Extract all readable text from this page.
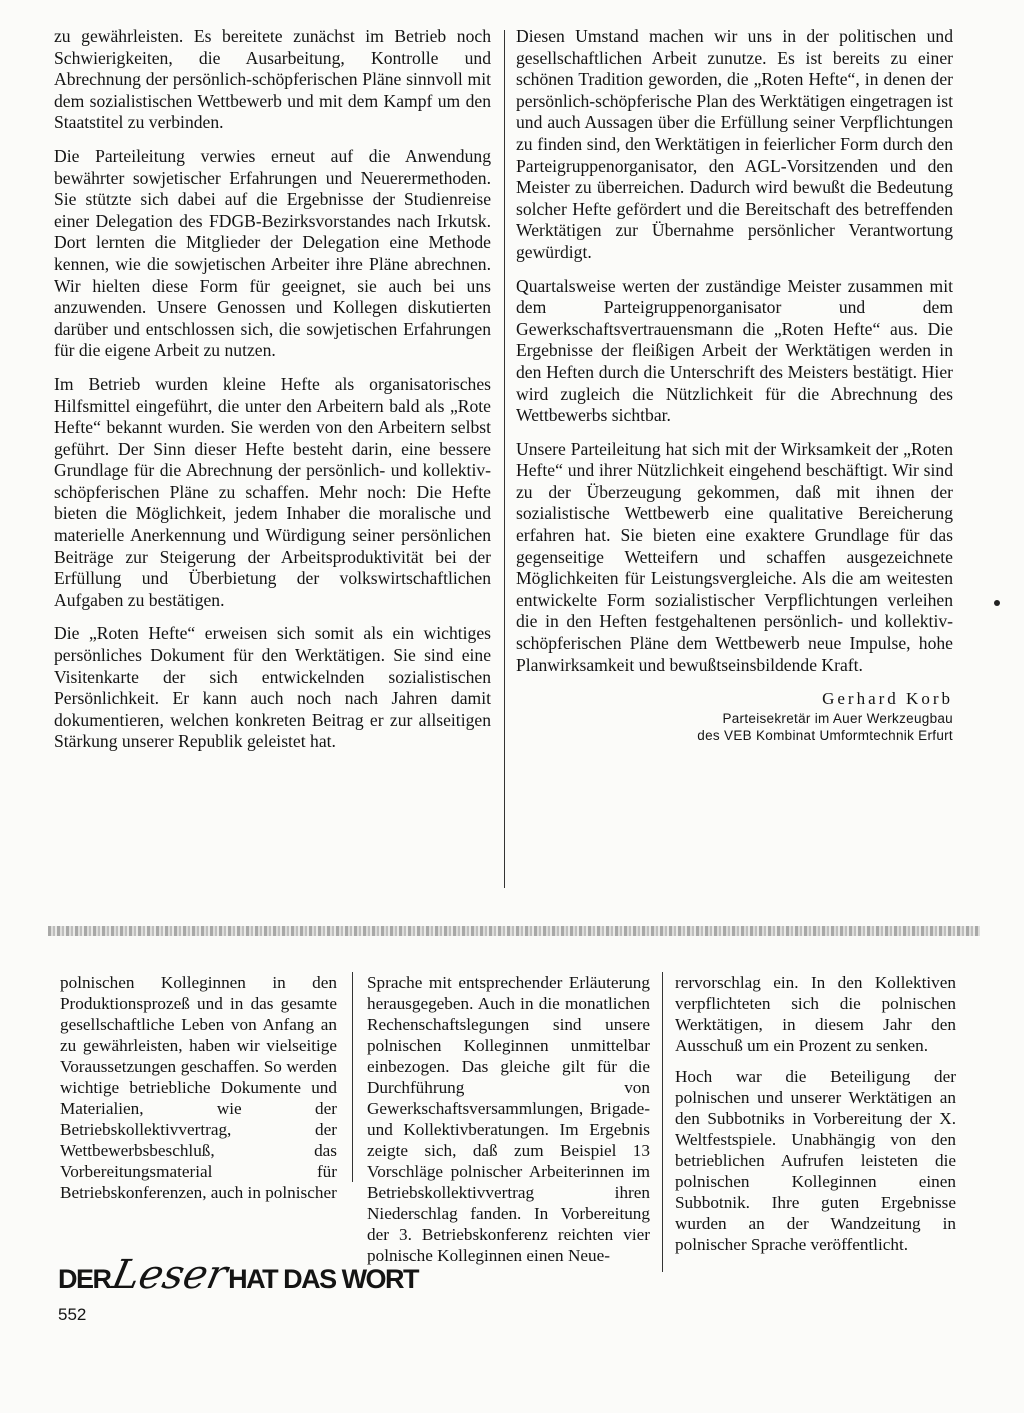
zu gewährleisten. Es bereitete zunächst im Betrieb noch Schwierigkeiten, die Ausarbeitung, Kontrolle und Abrechnung der persönlich-schöpferischen Pläne sinnvoll mit dem sozialistischen Wettbewerb und mit dem Kampf um den Staatstitel zu verbinden.

Die Parteileitung verwies erneut auf die Anwendung bewährter sowjetischer Erfahrungen und Neuerermethoden. Sie stützte sich dabei auf die Ergebnisse der Studienreise einer Delegation des FDGB-Bezirksvorstandes nach Irkutsk. Dort lernten die Mitglieder der Delegation eine Methode kennen, wie die sowjetischen Arbeiter ihre Pläne abrechnen. Wir hielten diese Form für geeignet, sie auch bei uns anzuwenden. Unsere Genossen und Kollegen diskutierten darüber und entschlossen sich, die sowjetischen Erfahrungen für die eigene Arbeit zu nutzen.

Im Betrieb wurden kleine Hefte als organisatorisches Hilfsmittel eingeführt, die unter den Arbeitern bald als „Rote Hefte“ bekannt wurden. Sie werden von den Arbeitern selbst geführt. Der Sinn dieser Hefte besteht darin, eine bessere Grundlage für die Abrechnung der persönlich- und kollektiv-schöpferischen Pläne zu schaffen. Mehr noch: Die Hefte bieten die Möglichkeit, jedem Inhaber die moralische und materielle Anerkennung und Würdigung seiner persönlichen Beiträge zur Steigerung der Arbeitsproduktivität bei der Erfüllung und Überbietung der volkswirtschaftlichen Aufgaben zu bestätigen.

Die „Roten Hefte“ erweisen sich somit als ein wichtiges persönliches Dokument für den Werktätigen. Sie sind eine Visitenkarte der sich entwickelnden sozialistischen Persönlichkeit. Er kann auch noch nach Jahren damit dokumentieren, welchen konkreten Beitrag er zur allseitigen Stärkung unserer Republik geleistet hat.

Diesen Umstand machen wir uns in der politischen und gesellschaftlichen Arbeit zunutze. Es ist bereits zu einer schönen Tradition geworden, die „Roten Hefte“, in denen der persönlich-schöpferische Plan des Werktätigen eingetragen ist und auch Aussagen über die Erfüllung seiner Verpflichtungen zu finden sind, den Werktätigen in feierlicher Form durch den Parteigruppenorganisator, den AGL-Vorsitzenden und den Meister zu überreichen. Dadurch wird bewußt die Bedeutung solcher Hefte gefördert und die Bereitschaft des betreffenden Werktätigen zur Übernahme persönlicher Verantwortung gewürdigt.

Quartalsweise werten der zuständige Meister zusammen mit dem Parteigruppenorganisator und dem Gewerkschaftsvertrauensmann die „Roten Hefte“ aus. Die Ergebnisse der fleißigen Arbeit der Werktätigen werden in den Heften durch die Unterschrift des Meisters bestätigt. Hier wird zugleich die Nützlichkeit für die Abrechnung des Wettbewerbs sichtbar.

Unsere Parteileitung hat sich mit der Wirksamkeit der „Roten Hefte“ und ihrer Nützlichkeit eingehend beschäftigt. Wir sind zu der Überzeugung gekommen, daß mit ihnen der sozialistische Wettbewerb eine qualitative Bereicherung erfahren hat. Sie bieten eine exaktere Grundlage für das gegenseitige Wetteifern und schaffen ausgezeichnete Möglichkeiten für Leistungsvergleiche. Als die am weitesten entwickelte Form sozialistischer Verpflichtungen verleihen die in den Heften festgehaltenen persönlich- und kollektiv-schöpferischen Pläne dem Wettbewerb neue Impulse, hohe Planwirksamkeit und bewußtseinsbildende Kraft.

Gerhard Korb
Parteisekretär im Auer Werkzeugbau
des VEB Kombinat Umformtechnik Erfurt

polnischen Kolleginnen in den Produktionsprozeß und in das gesamte gesellschaftliche Leben von Anfang an zu gewährleisten, haben wir vielseitige Voraussetzungen geschaffen. So werden wichtige betriebliche Dokumente und Materialien, wie der Betriebskollektivvertrag, der Wettbewerbsbeschluß, das Vorbereitungsmaterial für Betriebskonferenzen, auch in polnischer

Sprache mit entsprechender Erläuterung herausgegeben. Auch in die monatlichen Rechenschaftslegungen sind unsere polnischen Kolleginnen unmittelbar einbezogen. Das gleiche gilt für die Durchführung von Gewerkschaftsversammlungen, Brigade- und Kollektivberatungen. Im Ergebnis zeigte sich, daß zum Beispiel 13 Vorschläge polnischer Arbeiterinnen im Betriebskollektivvertrag ihren Niederschlag fanden. In Vorbereitung der 3. Betriebskonferenz reichten vier polnische Kolleginnen einen Neue-

rervorschlag ein. In den Kollektiven verpflichteten sich die polnischen Werktätigen, in diesem Jahr den Ausschuß um ein Prozent zu senken.

Hoch war die Beteiligung der polnischen und unserer Werktätigen an den Subbotniks in Vorbereitung der X. Weltfestspiele. Unabhängig von den betrieblichen Aufrufen leisteten die polnischen Kolleginnen einen Subbotnik. Ihre guten Ergebnisse wurden an der Wandzeitung in polnischer Sprache veröffentlicht.

DER
Leser
HAT DAS WORT
552
